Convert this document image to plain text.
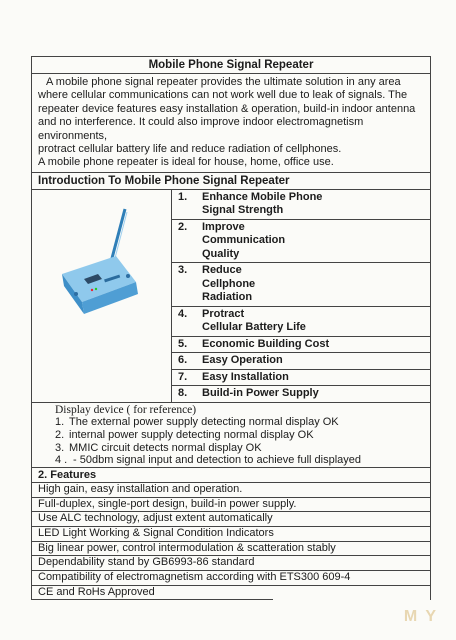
Mobile Phone Signal Repeater

A mobile phone signal repeater provides the ultimate solution in any area

where cellular communications can not work well due to leak of signals. The

repeater device features easy installation & operation, build-in indoor antenna

and no interference. It could also improve indoor electromagnetism

environments,

protract cellular battery life and reduce radiation of cellphones.

A mobile phone repeater is ideal for house, home, office use.

Introduction To Mobile Phone Signal Repeater
1. Enhance Mobile Phone
Signal Strength
2. Improve
Communication
Quality
3. Reduce
Cellphone
Radiation
4. Protract
Cellular Battery Life
5. Economic Building Cost
6. Easy Operation
7. Easy Installation
8. Build-in Power Supply
Display device ( for reference)
1. The external power supply detecting normal display OK
2. internal power supply detecting normal display OK
3. MMIC circuit detects normal display OK
4 . - 50dbm signal input and detection to achieve full displayed
2. Features
High gain, easy installation and operation.
Full-duplex, single-port design, build-in power supply.
Use ALC technology, adjust extent automatically
LED Light Working & Signal Condition Indicators
Big linear power, control intermodulation & scatteration stably
Dependability stand by GB6993-86 standard
Compatibility of electromagnetism according with ETS300 609-4
CE and RoHs Approved
M Y
